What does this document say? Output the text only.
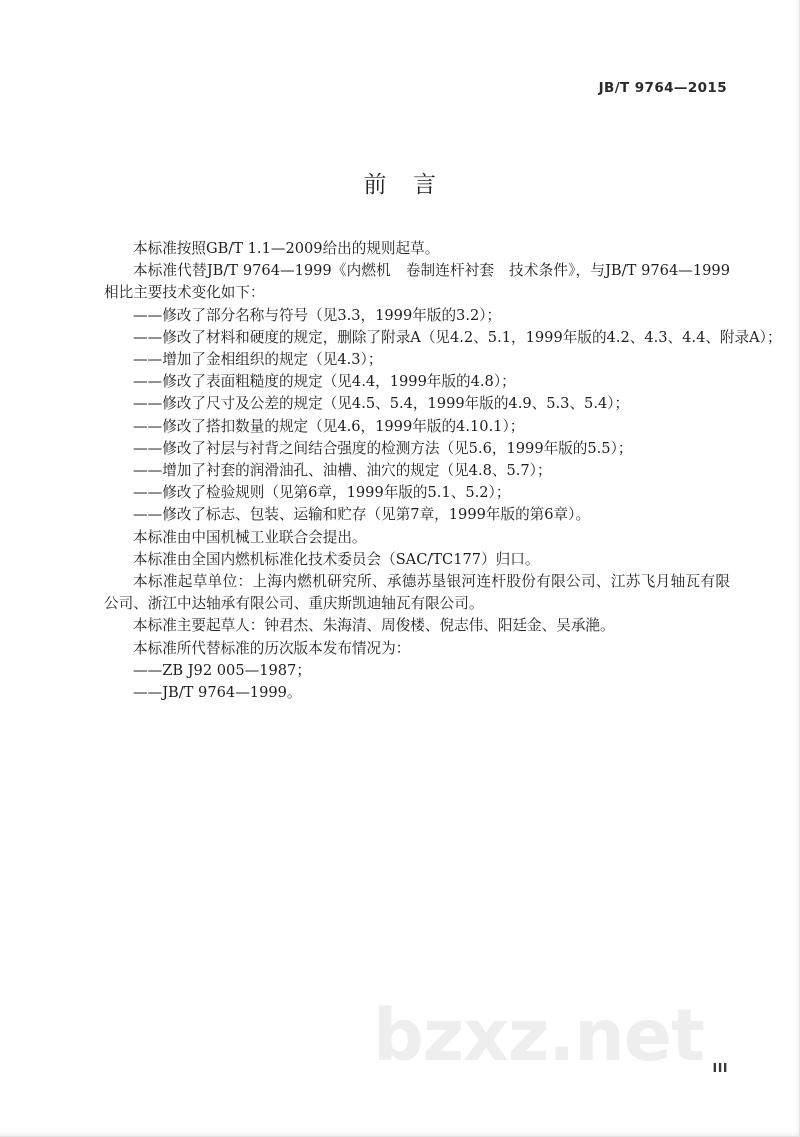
JB/T 9764—2015
前 言

本标准按照GB/T 1.1—2009给出的规则起草。

本标准代替JB/T 9764—1999《内燃机　卷制连杆衬套　技术条件》，与JB/T 9764—1999相比主要技术变化如下：

——修改了部分名称与符号（见3.3，1999年版的3.2）；

——修改了材料和硬度的规定，删除了附录A（见4.2、5.1，1999年版的4.2、4.3、4.4、附录A）；

——增加了金相组织的规定（见4.3）；

——修改了表面粗糙度的规定（见4.4，1999年版的4.8）；

——修改了尺寸及公差的规定（见4.5、5.4，1999年版的4.9、5.3、5.4）；

——修改了搭扣数量的规定（见4.6，1999年版的4.10.1）；

——修改了衬层与衬背之间结合强度的检测方法（见5.6，1999年版的5.5）；

——增加了衬套的润滑油孔、油槽、油穴的规定（见4.8、5.7）；

——修改了检验规则（见第6章，1999年版的5.1、5.2）；

——修改了标志、包装、运输和贮存（见第7章，1999年版的第6章）。

本标准由中国机械工业联合会提出。

本标准由全国内燃机标准化技术委员会（SAC/TC177）归口。

本标准起草单位：上海内燃机研究所、承德苏垦银河连杆股份有限公司、江苏飞月轴瓦有限公司、浙江中达轴承有限公司、重庆斯凯迪轴瓦有限公司。

本标准主要起草人：钟君杰、朱海清、周俊楼、倪志伟、阳廷金、吴承滟。

本标准所代替标准的历次版本发布情况为：

——ZB J92 005—1987；

——JB/T 9764—1999。

bzxz.net III
